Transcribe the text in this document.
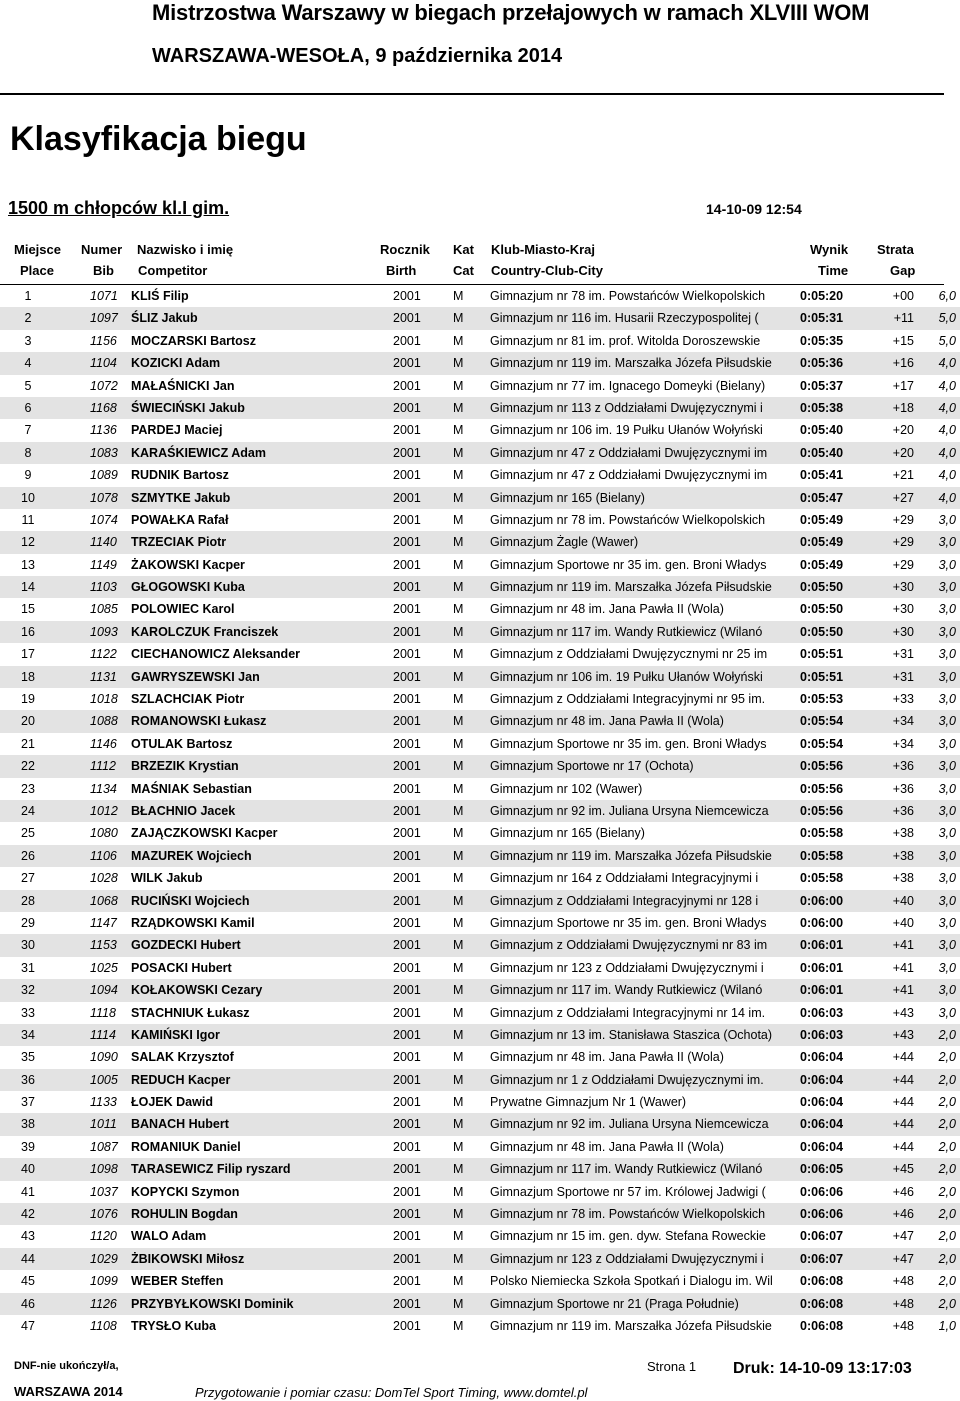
Mistrzostwa Warszawy w biegach przełajowych w ramach XLVIII WOM
WARSZAWA-WESOŁA, 9 października 2014
Klasyfikacja biegu
1500 m chłopców kl.I gim.	14-10-09 12:54
Miejsce Numer Nazwisko i imię	Rocznik Kat Klub-Miasto-Kraj	Wynik Strata
Place	Bib Competitor	Birth	Cat Country-Club-City	Time	Gap
1	1071 KLIŚ Filip	2001	M Gimnazjum nr 78 im. Powstańców Wielkopolskich	0:05:20	+00	6,0
2	1097 ŚLIZ Jakub	2001	M Gimnazjum nr 116 im. Husarii Rzeczypospolitej (	0:05:31	+11	5,0
3	1156 MOCZARSKI Bartosz	2001	M Gimnazjum nr 81 im. prof. Witolda Doroszewskie	0:05:35	+15	5,0
4	1104 KOZICKI Adam	2001	M Gimnazjum nr 119 im. Marszałka Józefa Piłsudskie	0:05:36	+16	4,0
5	1072 MAŁAŚNICKI Jan	2001	M Gimnazjum nr 77 im. Ignacego Domeyki (Bielany)	0:05:37	+17	4,0
6	1168 ŚWIECIŃSKI Jakub	2001	M Gimnazjum nr 113 z Oddziałami Dwujęzycznymi i	0:05:38	+18	4,0
7	1136 PARDEJ Maciej	2001	M Gimnazjum nr 106 im. 19 Pułku Ułanów Wołyński	0:05:40	+20	4,0
8	1083 KARAŚKIEWICZ Adam	2001	M Gimnazjum nr 47 z Oddziałami Dwujęzycznymi im	0:05:40	+20	4,0
9	1089 RUDNIK Bartosz	2001	M Gimnazjum nr 47 z Oddziałami Dwujęzycznymi im	0:05:41	+21	4,0
10	1078 SZMYTKE Jakub	2001	M Gimnazjum nr 165 (Bielany)	0:05:47	+27	4,0
11	1074 POWAŁKA Rafał	2001	M Gimnazjum nr 78 im. Powstańców Wielkopolskich	0:05:49	+29	3,0
12	1140 TRZECIAK Piotr	2001	M Gimnazjum Żagle (Wawer)	0:05:49	+29	3,0
13	1149 ŻAKOWSKI Kacper	2001	M Gimnazjum Sportowe nr 35 im. gen. Broni Władys	0:05:49	+29	3,0
14	1103 GŁOGOWSKI Kuba	2001	M Gimnazjum nr 119 im. Marszałka Józefa Piłsudskie	0:05:50	+30	3,0
15	1085 POLOWIEC Karol	2001	M Gimnazjum nr 48 im. Jana Pawła II (Wola)	0:05:50	+30	3,0
16	1093 KAROLCZUK Franciszek	2001	M Gimnazjum nr 117 im. Wandy Rutkiewicz (Wilanó	0:05:50	+30	3,0
17	1122 CIECHANOWICZ Aleksander	2001	M Gimnazjum z Oddziałami Dwujęzycznymi nr 25 im	0:05:51	+31	3,0
18	1131 GAWRYSZEWSKI Jan	2001	M Gimnazjum nr 106 im. 19 Pułku Ułanów Wołyński	0:05:51	+31	3,0
19	1018 SZLACHCIAK Piotr	2001	M Gimnazjum z Oddziałami Integracyjnymi nr 95 im.	0:05:53	+33	3,0
20	1088 ROMANOWSKI Łukasz	2001	M Gimnazjum nr 48 im. Jana Pawła II (Wola)	0:05:54	+34	3,0
21	1146 OTULAK Bartosz	2001	M Gimnazjum Sportowe nr 35 im. gen. Broni Władys	0:05:54	+34	3,0
22	1112 BRZEZIK Krystian	2001	M Gimnazjum Sportowe nr 17 (Ochota)	0:05:56	+36	3,0
23	1134 MAŚNIAK Sebastian	2001	M Gimnazjum nr 102 (Wawer)	0:05:56	+36	3,0
24	1012 BŁACHNIO Jacek	2001	M Gimnazjum nr 92 im. Juliana Ursyna Niemcewicza	0:05:56	+36	3,0
25	1080 ZAJĄCZKOWSKI Kacper	2001	M Gimnazjum nr 165 (Bielany)	0:05:58	+38	3,0
26	1106 MAZUREK Wojciech	2001	M Gimnazjum nr 119 im. Marszałka Józefa Piłsudskie	0:05:58	+38	3,0
27	1028 WILK Jakub	2001	M Gimnazjum nr 164 z Oddziałami Integracyjnymi i	0:05:58	+38	3,0
28	1068 RUCIŃSKI Wojciech	2001	M Gimnazjum z Oddziałami Integracyjnymi nr 128 i	0:06:00	+40	3,0
29	1147 RZĄDKOWSKI Kamil	2001	M Gimnazjum Sportowe nr 35 im. gen. Broni Władys	0:06:00	+40	3,0
30	1153 GOZDECKI Hubert	2001	M Gimnazjum z Oddziałami Dwujęzycznymi nr 83 im	0:06:01	+41	3,0
31	1025 POSACKI Hubert	2001	M Gimnazjum nr 123 z Oddziałami Dwujęzycznymi i	0:06:01	+41	3,0
32	1094 KOŁAKOWSKI Cezary	2001	M Gimnazjum nr 117 im. Wandy Rutkiewicz (Wilanó	0:06:01	+41	3,0
33	1118 STACHNIUK Łukasz	2001	M Gimnazjum z Oddziałami Integracyjnymi nr 14 im.	0:06:03	+43	3,0
34	1114 KAMIŃSKI Igor	2001	M Gimnazjum nr 13 im. Stanisława Staszica (Ochota)	0:06:03	+43	2,0
35	1090 SALAK Krzysztof	2001	M Gimnazjum nr 48 im. Jana Pawła II (Wola)	0:06:04	+44	2,0
36	1005 REDUCH Kacper	2001	M Gimnazjum nr 1 z Oddziałami Dwujęzycznymi im.	0:06:04	+44	2,0
37	1133 ŁOJEK Dawid	2001	M Prywatne Gimnazjum Nr 1 (Wawer)	0:06:04	+44	2,0
38	1011 BANACH Hubert	2001	M Gimnazjum nr 92 im. Juliana Ursyna Niemcewicza	0:06:04	+44	2,0
39	1087 ROMANIUK Daniel	2001	M Gimnazjum nr 48 im. Jana Pawła II (Wola)	0:06:04	+44	2,0
40	1098 TARASEWICZ Filip ryszard	2001	M Gimnazjum nr 117 im. Wandy Rutkiewicz (Wilanó	0:06:05	+45	2,0
41	1037 KOPYCKI Szymon	2001	M Gimnazjum Sportowe nr 57 im. Królowej Jadwigi (	0:06:06	+46	2,0
42	1076 ROHULIN Bogdan	2001	M Gimnazjum nr 78 im. Powstańców Wielkopolskich	0:06:06	+46	2,0
43	1120 WALO Adam	2001	M Gimnazjum nr 15 im. gen. dyw. Stefana Roweckie	0:06:07	+47	2,0
44	1029 ŻBIKOWSKI Miłosz	2001	M Gimnazjum nr 123 z Oddziałami Dwujęzycznymi i	0:06:07	+47	2,0
45	1099 WEBER Steffen	2001	M Polsko Niemiecka Szkoła Spotkań i Dialogu im. Wil	0:06:08	+48	2,0
46	1126 PRZYBYŁKOWSKI Dominik	2001	M Gimnazjum Sportowe nr 21 (Praga Południe)	0:06:08	+48	2,0
47	1108 TRYSŁO Kuba	2001	M Gimnazjum nr 119 im. Marszałka Józefa Piłsudskie	0:06:08	+48	1,0
DNF-nie ukończył/a,
WARSZAWA 2014
Strona 1 Druk: 14-10-09 13:17:03
Przygotowanie i pomiar czasu: DomTel Sport Timing, www.domtel.pl
